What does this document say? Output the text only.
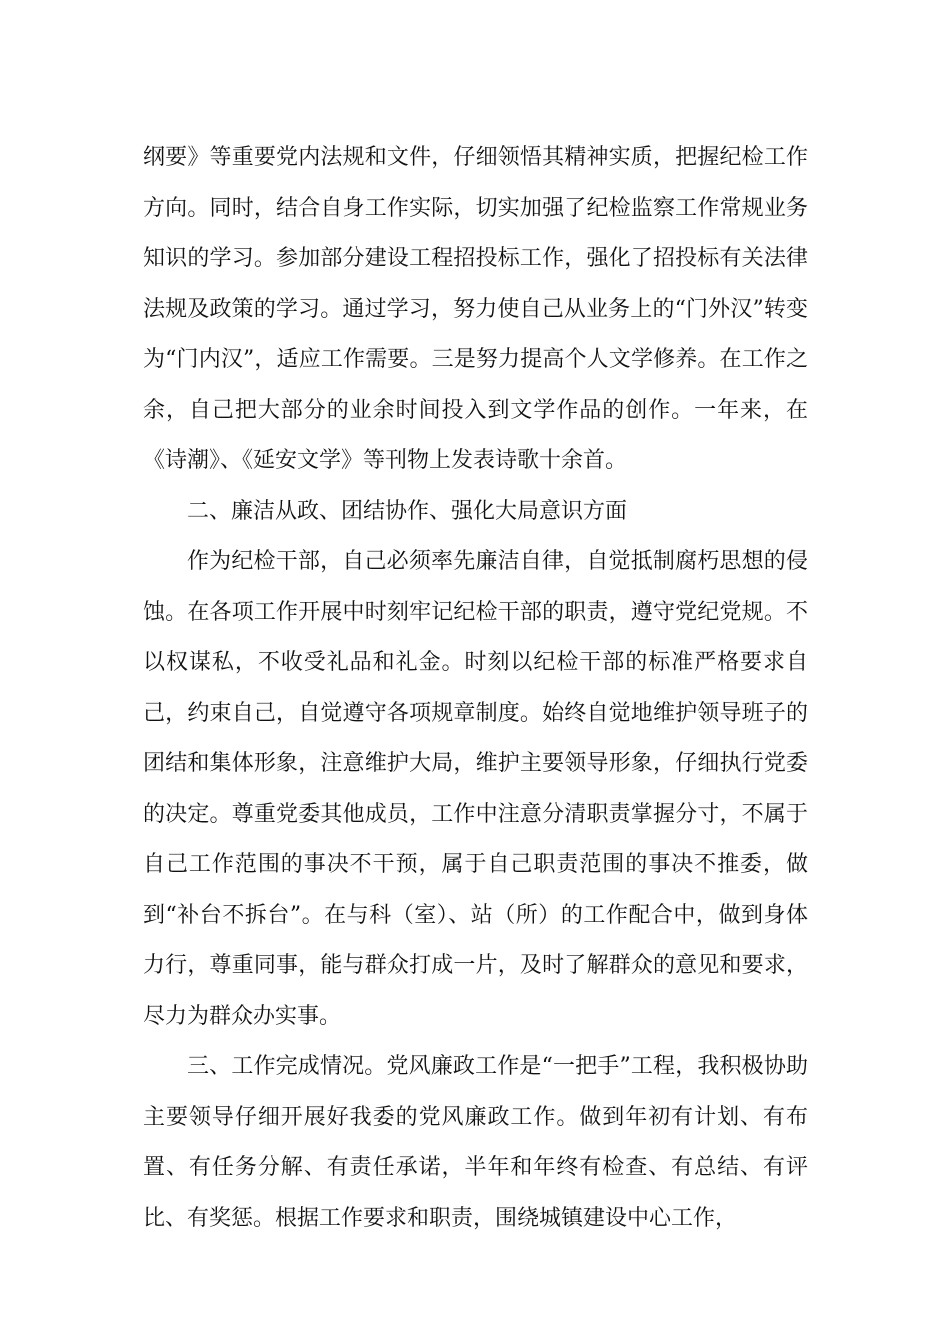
纲要》等重要党内法规和文件，仔细领悟其精神实质，把握纪检工作方向。同时，结合自身工作实际，切实加强了纪检监察工作常规业务知识的学习。参加部分建设工程招投标工作，强化了招投标有关法律法规及政策的学习。通过学习，努力使自己从业务上的“门外汉”转变为“门内汉”，适应工作需要。三是努力提高个人文学修养。在工作之余，自己把大部分的业余时间投入到文学作品的创作。一年来，在《诗潮》、《延安文学》等刊物上发表诗歌十余首。

二、廉洁从政、团结协作、强化大局意识方面

作为纪检干部，自己必须率先廉洁自律，自觉抵制腐朽思想的侵蚀。在各项工作开展中时刻牢记纪检干部的职责，遵守党纪党规。不以权谋私，不收受礼品和礼金。时刻以纪检干部的标准严格要求自己，约束自己，自觉遵守各项规章制度。始终自觉地维护领导班子的团结和集体形象，注意维护大局，维护主要领导形象，仔细执行党委的决定。尊重党委其他成员，工作中注意分清职责掌握分寸，不属于自己工作范围的事决不干预，属于自己职责范围的事决不推委，做到“补台不拆台”。在与科（室）、站（所）的工作配合中，做到身体力行，尊重同事，能与群众打成一片，及时了解群众的意见和要求，尽力为群众办实事。

三、工作完成情况。党风廉政工作是“一把手”工程，我积极协助主要领导仔细开展好我委的党风廉政工作。做到年初有计划、有布置、有任务分解、有责任承诺，半年和年终有检查、有总结、有评比、有奖惩。根据工作要求和职责，围绕城镇建设中心工作，
